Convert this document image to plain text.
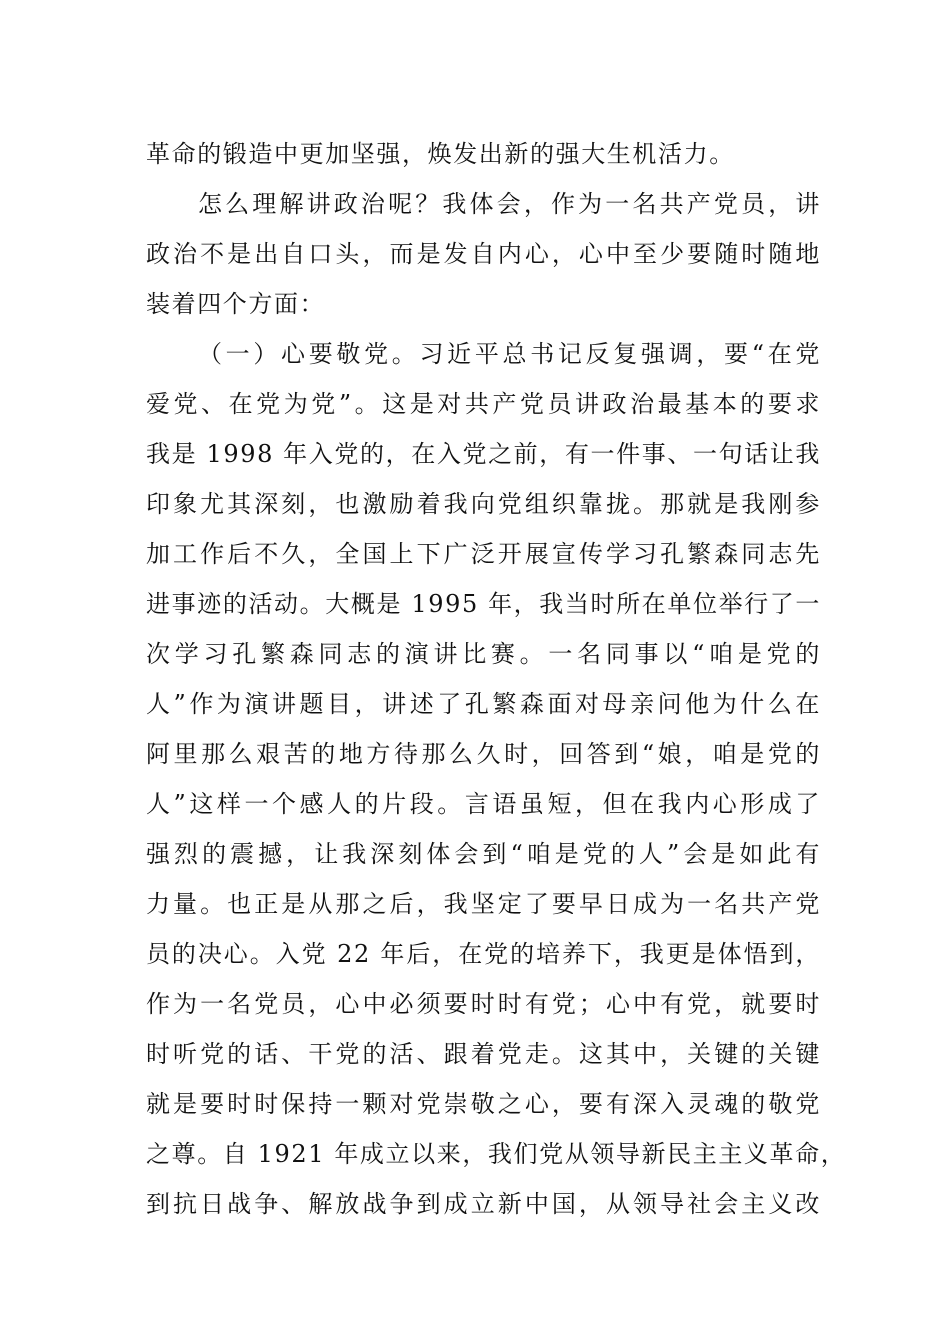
革命的锻造中更加坚强，焕发出新的强大生机活力。
怎么理解讲政治呢？我体会，作为一名共产党员，讲
政治不是出自口头，而是发自内心，心中至少要随时随地
装着四个方面：
（一）心要敬党。习近平总书记反复强调，要“在党
爱党、在党为党”。这是对共产党员讲政治最基本的要求
我是 1998 年入党的，在入党之前，有一件事、一句话让我
印象尤其深刻，也激励着我向党组织靠拢。那就是我刚参
加工作后不久，全国上下广泛开展宣传学习孔繁森同志先
进事迹的活动。大概是 1995 年，我当时所在单位举行了一
次学习孔繁森同志的演讲比赛。一名同事以“咱是党的
人”作为演讲题目，讲述了孔繁森面对母亲问他为什么在
阿里那么艰苦的地方待那么久时，回答到“娘，咱是党的
人”这样一个感人的片段。言语虽短，但在我内心形成了
强烈的震撼，让我深刻体会到“咱是党的人”会是如此有
力量。也正是从那之后，我坚定了要早日成为一名共产党
员的决心。入党 22 年后，在党的培养下，我更是体悟到，
作为一名党员，心中必须要时时有党；心中有党，就要时
时听党的话、干党的活、跟着党走。这其中，关键的关键
就是要时时保持一颗对党崇敬之心，要有深入灵魂的敬党
之尊。自 1921 年成立以来，我们党从领导新民主主义革命，
到抗日战争、解放战争到成立新中国，从领导社会主义改
